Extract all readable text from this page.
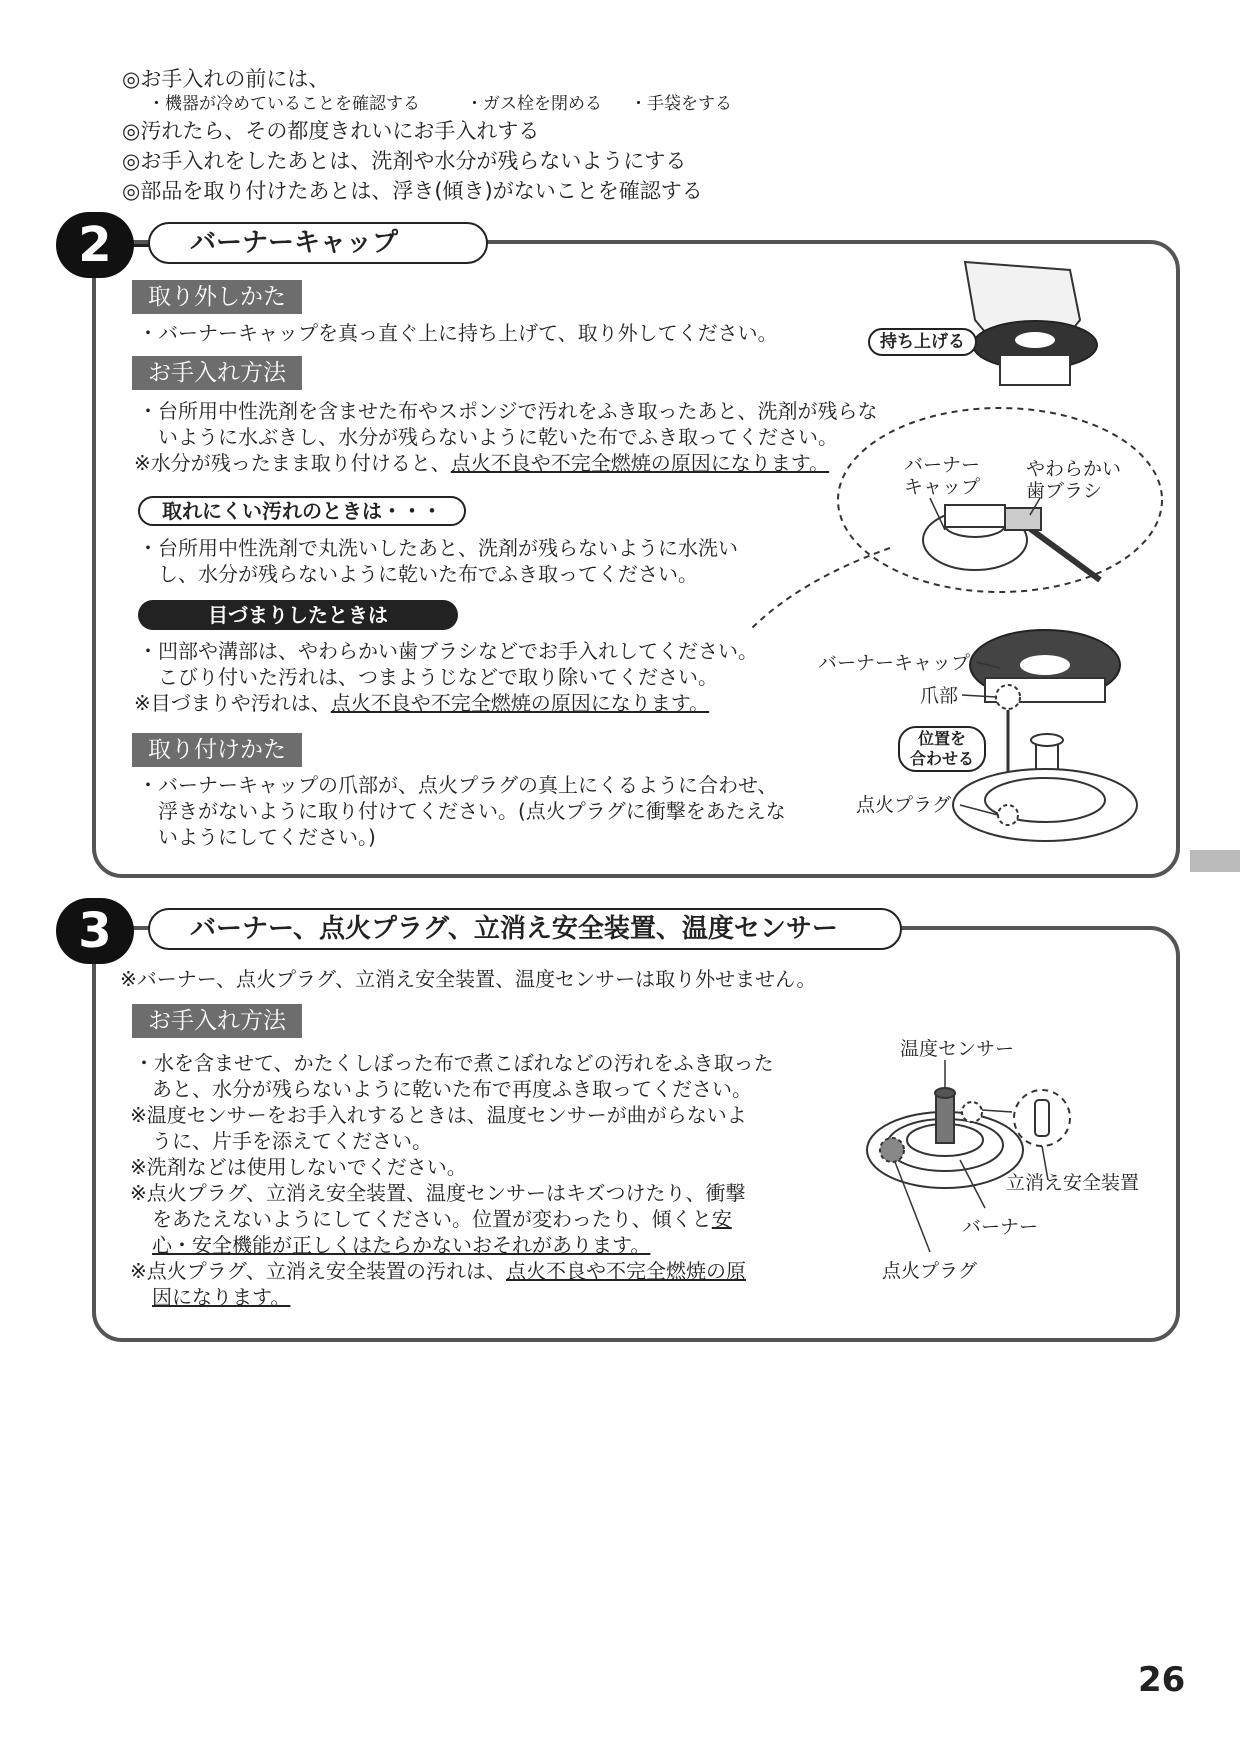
◎お手入れの前には、
・機器が冷めていることを確認する	・ガス栓を閉める ・手袋をする
◎汚れたら、その都度きれいにお手入れする
◎お手入れをしたあとは、洗剤や水分が残らないようにする
◎部品を取り付けたあとは、浮き(傾き)がないことを確認する
2	バーナーキャップ
取り外しかた
・バーナーキャップを真っ直ぐ上に持ち上げて、取り外してください。
お手入れ方法
・台所用中性洗剤を含ませた布やスポンジで汚れをふき取ったあと、洗剤が残らな
いように水ぶきし、水分が残らないように乾いた布でふき取ってください。
※水分が残ったまま取り付けると、点火不良や不完全燃焼の原因になります。
取れにくい汚れのときは・・・
・台所用中性洗剤で丸洗いしたあと、洗剤が残らないように水洗い
し、水分が残らないように乾いた布でふき取ってください。
目づまりしたときは
・凹部や溝部は、やわらかい歯ブラシなどでお手入れしてください。
こびり付いた汚れは、つまようじなどで取り除いてください。
※目づまりや汚れは、点火不良や不完全燃焼の原因になります。
取り付けかた
・バーナーキャップの爪部が、点火プラグの真上にくるように合わせ、
浮きがないように取り付けてください。(点火プラグに衝撃をあたえな
いようにしてください。)
持ち上げる
バーナー
キャップ
やわらかい
歯ブラシ
バーナーキャップ
爪部
位置を
合わせる
点火プラグ
3	バーナー、点火プラグ、立消え安全装置、温度センサー
※バーナー、点火プラグ、立消え安全装置、温度センサーは取り外せません。
お手入れ方法
・水を含ませて、かたくしぼった布で煮こぼれなどの汚れをふき取った
あと、水分が残らないように乾いた布で再度ふき取ってください。
※温度センサーをお手入れするときは、温度センサーが曲がらないよ
うに、片手を添えてください。
※洗剤などは使用しないでください。
※点火プラグ、立消え安全装置、温度センサーはキズつけたり、衝撃
をあたえないようにしてください。位置が変わったり、傾くと安
心・安全機能が正しくはたらかないおそれがあります。
※点火プラグ、立消え安全装置の汚れは、点火不良や不完全燃焼の原
因になります。
温度センサー
立消え安全装置
バーナー
点火プラグ
26
